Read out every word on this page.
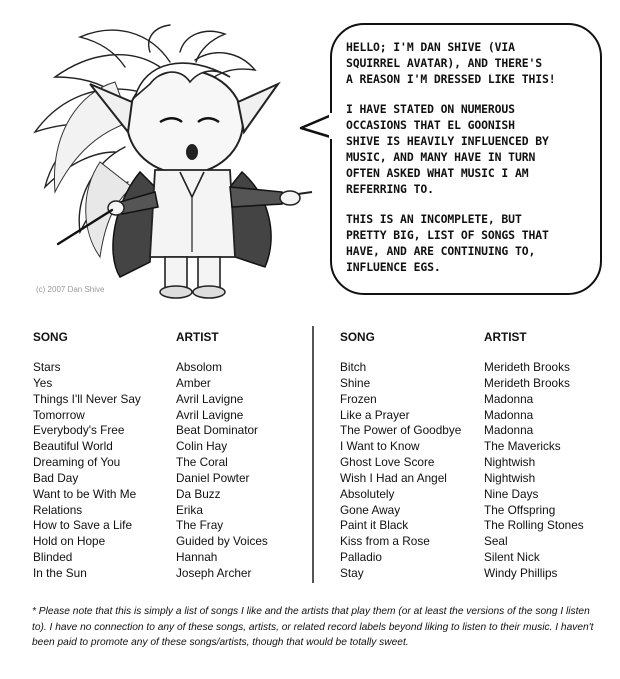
(c) 2007 Dan Shive

HELLO; I'M DAN SHIVE (VIA
SQUIRREL AVATAR), AND THERE'S
A REASON I'M DRESSED LIKE THIS!

I HAVE STATED ON NUMEROUS
OCCASIONS THAT EL GOONISH
SHIVE IS HEAVILY INFLUENCED BY
MUSIC, AND MANY HAVE IN TURN
OFTEN ASKED WHAT MUSIC I AM
REFERRING TO.

THIS IS AN INCOMPLETE, BUT
PRETTY BIG, LIST OF SONGS THAT
HAVE, AND ARE CONTINUING TO,
INFLUENCE EGS.

SONG
Stars
Yes
Things I'll Never Say
Tomorrow
Everybody's Free
Beautiful World
Dreaming of You
Bad Day
Want to be With Me
Relations
How to Save a Life
Hold on Hope
Blinded
In the Sun
ARTIST
Absolom
Amber
Avril Lavigne
Avril Lavigne
Beat Dominator
Colin Hay
The Coral
Daniel Powter
Da Buzz
Erika
The Fray
Guided by Voices
Hannah
Joseph Archer
SONG
Bitch
Shine
Frozen
Like a Prayer
The Power of Goodbye
I Want to Know
Ghost Love Score
Wish I Had an Angel
Absolutely
Gone Away
Paint it Black
Kiss from a Rose
Palladio
Stay
ARTIST
Merideth Brooks
Merideth Brooks
Madonna
Madonna
Madonna
The Mavericks
Nightwish
Nightwish
Nine Days
The Offspring
The Rolling Stones
Seal
Silent Nick
Windy Phillips
* Please note that this is simply a list of songs I like and the artists that play them (or at least the versions of the song I listen to). I have no connection to any of these songs, artists, or related record labels beyond liking to listen to their music. I haven't been paid to promote any of these songs/artists, though that would be totally sweet.
